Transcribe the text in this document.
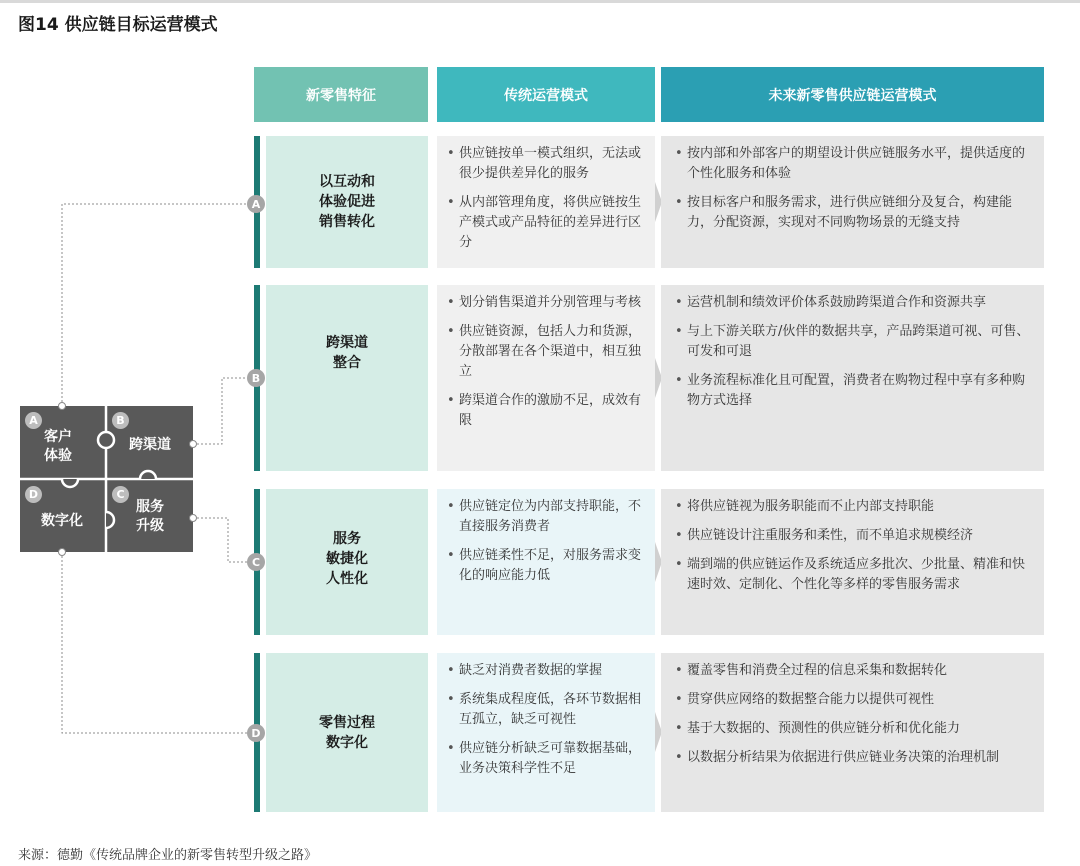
图14 供应链目标运营模式
新零售特征	传统运营模式	未来新零售供应链运营模式
以互动和
体验促进
销售转化
• 供应链按单一模式组织，无法或很少提供差异化的服务
• 从内部管理角度，将供应链按生产模式或产品特征的差异进行区分
• 按内部和外部客户的期望设计供应链服务水平，提供适度的个性化服务和体验
• 按目标客户和服务需求，进行供应链细分及复合，构建能力，分配资源，实现对不同购物场景的无缝支持
A
跨渠道
整合
• 划分销售渠道并分别管理与考核
• 供应链资源，包括人力和货源，分散部署在各个渠道中，相互独立
• 跨渠道合作的激励不足，成效有限
• 运营机制和绩效评价体系鼓励跨渠道合作和资源共享
• 与上下游关联方/伙伴的数据共享，产品跨渠道可视、可售、可发和可退
• 业务流程标准化且可配置，消费者在购物过程中享有多种购物方式选择
B
服务
敏捷化
人性化
• 供应链定位为内部支持职能，不直接服务消费者
• 供应链柔性不足，对服务需求变化的响应能力低
• 将供应链视为服务职能而不止内部支持职能
• 供应链设计注重服务和柔性，而不单追求规模经济
• 端到端的供应链运作及系统适应多批次、少批量、精准和快速时效、定制化、个性化等多样的零售服务需求
C
零售过程
数字化
• 缺乏对消费者数据的掌握
• 系统集成程度低，各环节数据相互孤立，缺乏可视性
• 供应链分析缺乏可靠数据基础，业务决策科学性不足
• 覆盖零售和消费全过程的信息采集和数据转化
• 贯穿供应网络的数据整合能力以提供可视性
• 基于大数据的、预测性的供应链分析和优化能力
• 以数据分析结果为依据进行供应链业务决策的治理机制
D
A
客户
体验
B
跨渠道
C
服务
升级
D
数字化
来源：德勤《传统品牌企业的新零售转型升级之路》
